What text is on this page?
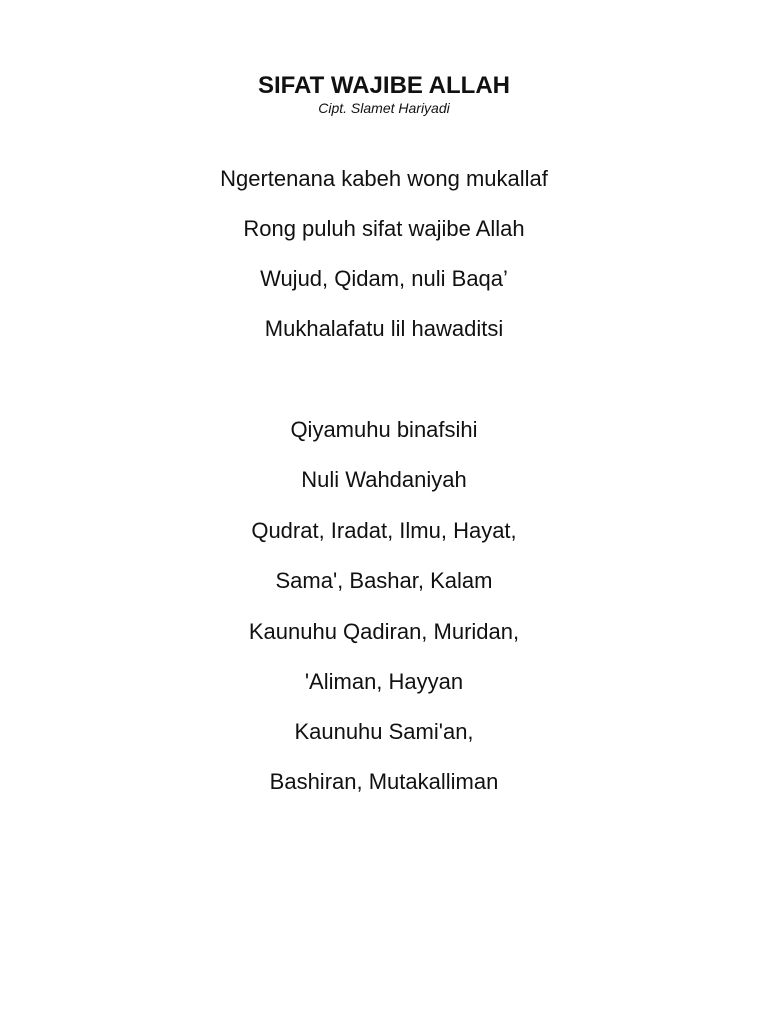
SIFAT WAJIBE ALLAH

Cipt. Slamet Hariyadi

Ngertenana kabeh wong mukallaf

Rong puluh sifat wajibe Allah

Wujud, Qidam, nuli Baqa’

Mukhalafatu lil hawaditsi

Qiyamuhu binafsihi

Nuli Wahdaniyah

Qudrat, Iradat, Ilmu, Hayat,

Sama', Bashar, Kalam

Kaunuhu Qadiran, Muridan,

'Aliman, Hayyan

Kaunuhu Sami'an,

Bashiran, Mutakalliman
